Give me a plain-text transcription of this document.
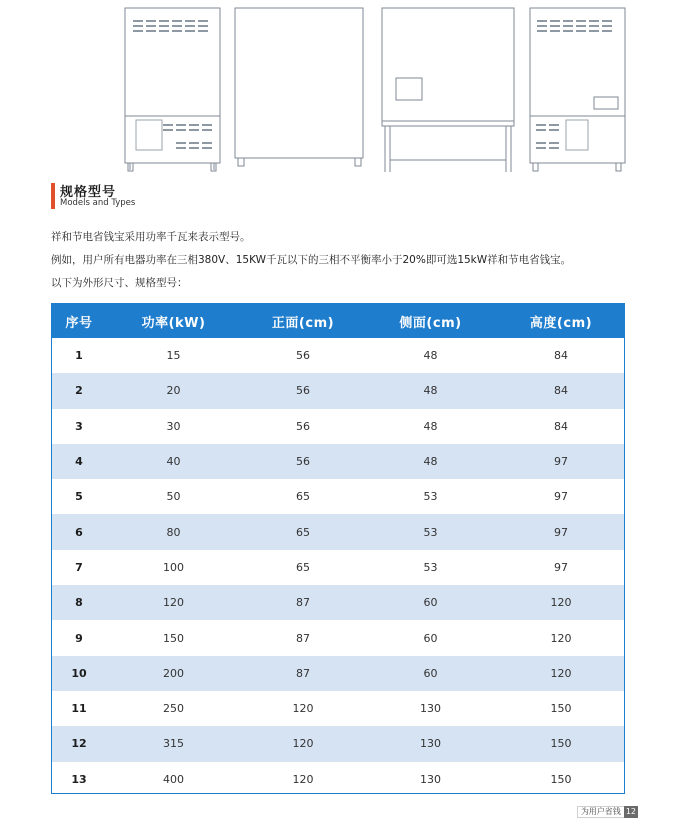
规格型号
Models and Types
祥和节电省钱宝采用功率千瓦来表示型号。
例如，用户所有电器功率在三相380V、15KW千瓦以下的三相不平衡率小于20%即可选15kW祥和节电省钱宝。
以下为外形尺寸、规格型号：
序号	功率(kW)	正面(cm)	侧面(cm)	高度(cm)
1	15	56	48	84
2	20	56	48	84
3	30	56	48	84
4	40	56	48	97
5	50	65	53	97
6	80	65	53	97
7	100	65	53	97
8	120	87	60	120
9	150	87	60	120
10	200	87	60	120
11	250	120	130	150
12	315	120	130	150
13	400	120	130	150
为用户省钱 12
